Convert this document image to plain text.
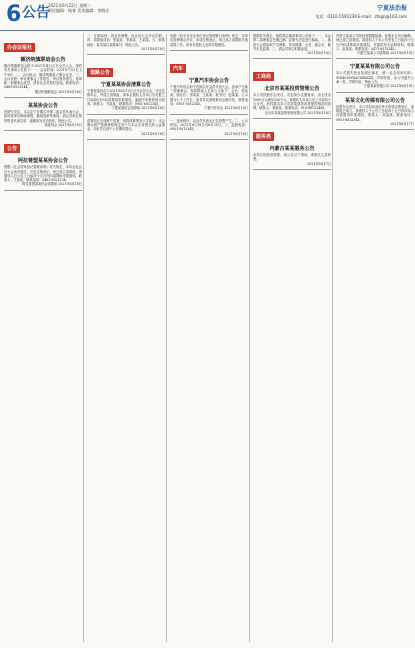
6 公告
2021年6月22日 星期二
责任编辑：杨春 美术编辑：李晓光	宁夏法治报
电话：0310-5591239 E-mail：zfxgn@163.com
办会证报社
额济纳旗联谊会公告

额济纳旗联谊会拟于2021年某月召开会员大会，现将有关事项公告如下：一、会议时间：2021年7月1日上午9时。二、会议地点：额济纳旗某大厦会议室。三、会议议程：审议理事会工作报告，审议财务报告，选举新一届理事会成员。请各位会员准时参加。联系电话：0483-6523344。

额济纳旗联谊会 2021年6月18日

某某协会公告

经研究决定，本会定于近期召开第二届会员代表大会，届时将审议修改章程、换届选举等事项。请会员单位按时报送代表名单，逾期视为自动放弃。特此公告。

某某协会 2021年6月18日

公告
阿拉善盟某某协会公告

根据《社会团体登记管理条例》有关规定，本协会经会员大会表决通过，决定注销登记。现已成立清算组，请债权人自公告之日起四十五日内向清算组申报债权。联系人：王某某，联系电话：0483-8321234。

阿拉善盟某某协会清算组 2021年6月18日

三、注销原因：因业务调整，经会员大会决议注销。四、清算组成员：张某某、李某某、王某某。五、联系地址：某市某区某路某号。特此公告。

2021年6月18日

道路公告
宁夏某某协会清算公告

宁夏某某协会于2021年6月15日召开会员大会，决定注销本会，并成立清算组。请本会债权人自本公告见报之日起45日内向清算组申报债权，逾期不申报的视为放弃。联系人：马某某，联系电话：0951-6012345。

宁夏某某协会清算组 2021年6月18日

清算组已完成财产清查，现将清算情况公告如下：本会剩余财产按照章程规定用于与本会宗旨相关的公益事业。如有异议请于公告期内提出。

2021年6月18日

依据《民办非企业单位登记管理暂行条例》规定，本单位经理事会决议，申请注销登记，现已成立清算组开展清算工作。请有关债权人及时申报债权。

汽车
宁夏汽车协会公告

宁夏汽车协会拟于近期召开会员代表大会，选举产生新一届理事会。现将候选人名单公示如下：会长：张某某；副会长：李某某、王某某；秘书长：赵某某。公示期为七个工作日，如有异议请联系协会秘书处。联系电话：0951-5012345。

宁夏汽车协会 2021年6月18日

一、选举程序：由会员代表无记名投票产生。二、公示时间：2021年6月18日至6月25日。三、监督电话：0951-5012345。

2021年6月18日

根据有关规定，现将我会换届事项公告如下：一、本会第二届理事会任期已满，经研究决定进行换届。二、换届大会将选举产生理事、常务理事、会长、副会长、秘书长及监事。三、请会员单位积极参加。

2021年6月18日

工商局
北京市某某投资管理公告

本公司经股东会决议，决定减少注册资本，由人民币1000万元减至500万元。请债权人自本公告之日起四十五日内，有权要求本公司清偿债务或者提供相应的担保。联系人：刘某某，联系电话：010-88123456。

北京市某某投资管理有限公司 2021年6月18日

服务类
内蒙古某某服务公告

本单位因经营需要，现公告以下事项，请相关人员知悉。

2021年6月17日

内蒙古某某公司因经营期限届满，经股东会决议解散，现已成立清算组。请债权人于本公告发布之日起四十五日内向清算组申报债权，并提供有关证明材料。联系人：赵某某，联系电话：0471-6512345。

内蒙古某某公司清算组 2021年6月18日

宁夏某某有限公司公告

本公司遗失营业执照正副本，统一社会信用代码：91640100MA76XXXXX，声明作废。本公司遗失公章一枚，声明作废。特此公告。

宁夏某某有限公司 2021年6月18日

某某文化传媒有限公司公告

经股东会决议，本公司拟向登记机关申请注销登记，清算组已成立。请债权人于公告之日起四十五日内向本公司清算组申报债权。联系人：孙某某，联系电话：0951-8612345。

2021年6月17日
